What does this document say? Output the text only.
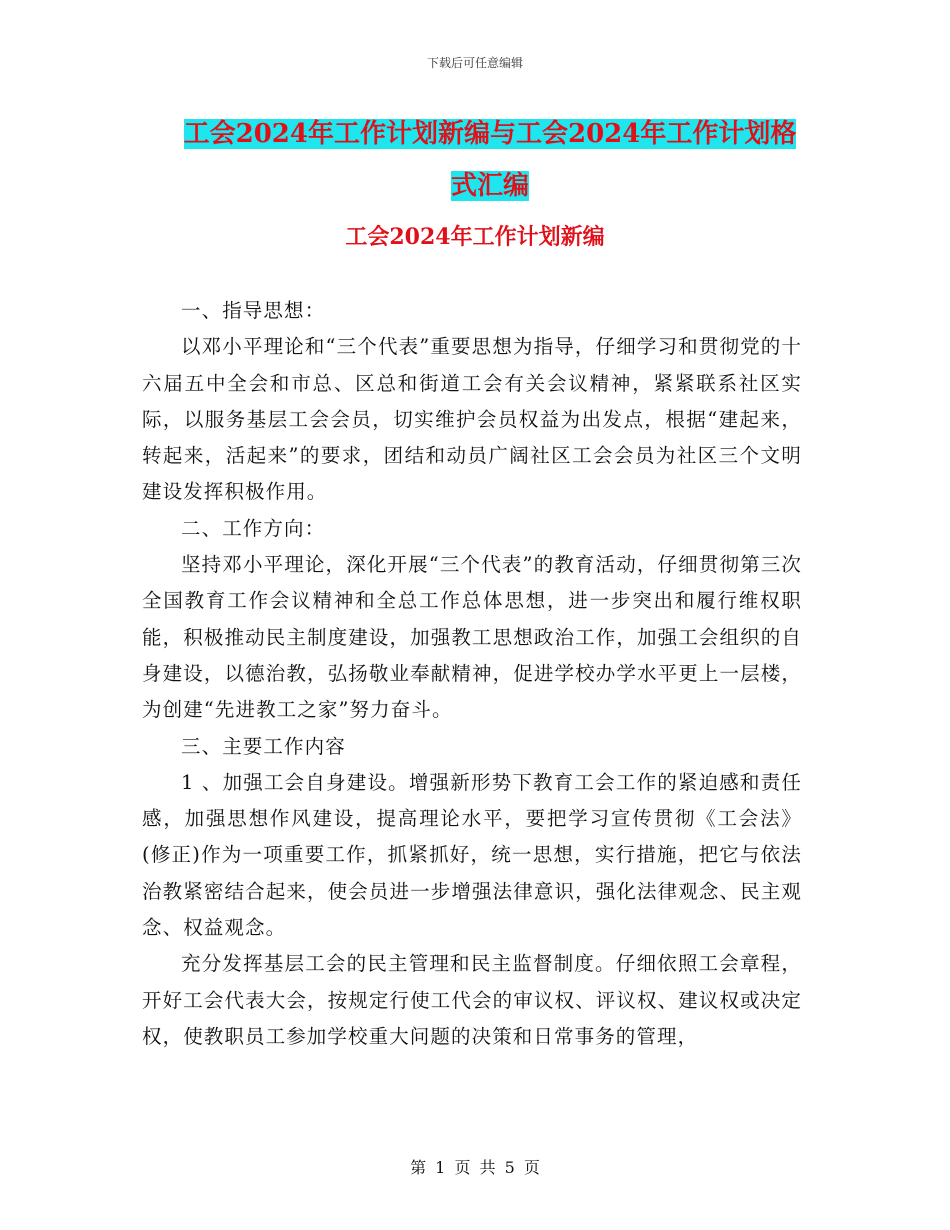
下载后可任意编辑
工会2024年工作计划新编与工会2024年工作计划格
式汇编
工会2024年工作计划新编

一、指导思想：

以邓小平理论和“三个代表”重要思想为指导，仔细学习和贯彻党的十六届五中全会和市总、区总和街道工会有关会议精神，紧紧联系社区实际，以服务基层工会会员，切实维护会员权益为出发点，根据“建起来，转起来，活起来”的要求，团结和动员广阔社区工会会员为社区三个文明建设发挥积极作用。

二、工作方向：

坚持邓小平理论，深化开展“三个代表”的教育活动，仔细贯彻第三次全国教育工作会议精神和全总工作总体思想，进一步突出和履行维权职能，积极推动民主制度建设，加强教工思想政治工作，加强工会组织的自身建设，以德治教，弘扬敬业奉献精神，促进学校办学水平更上一层楼，为创建“先进教工之家”努力奋斗。

三、主要工作内容

1 、加强工会自身建设。增强新形势下教育工会工作的紧迫感和责任感，加强思想作风建设，提高理论水平，要把学习宣传贯彻《工会法》(修正)作为一项重要工作，抓紧抓好，统一思想，实行措施，把它与依法治教紧密结合起来，使会员进一步增强法律意识，强化法律观念、民主观念、权益观念。

充分发挥基层工会的民主管理和民主监督制度。仔细依照工会章程，开好工会代表大会，按规定行使工代会的审议权、评议权、建议权或决定权，使教职员工参加学校重大问题的决策和日常事务的管理，

第 1 页 共 5 页
